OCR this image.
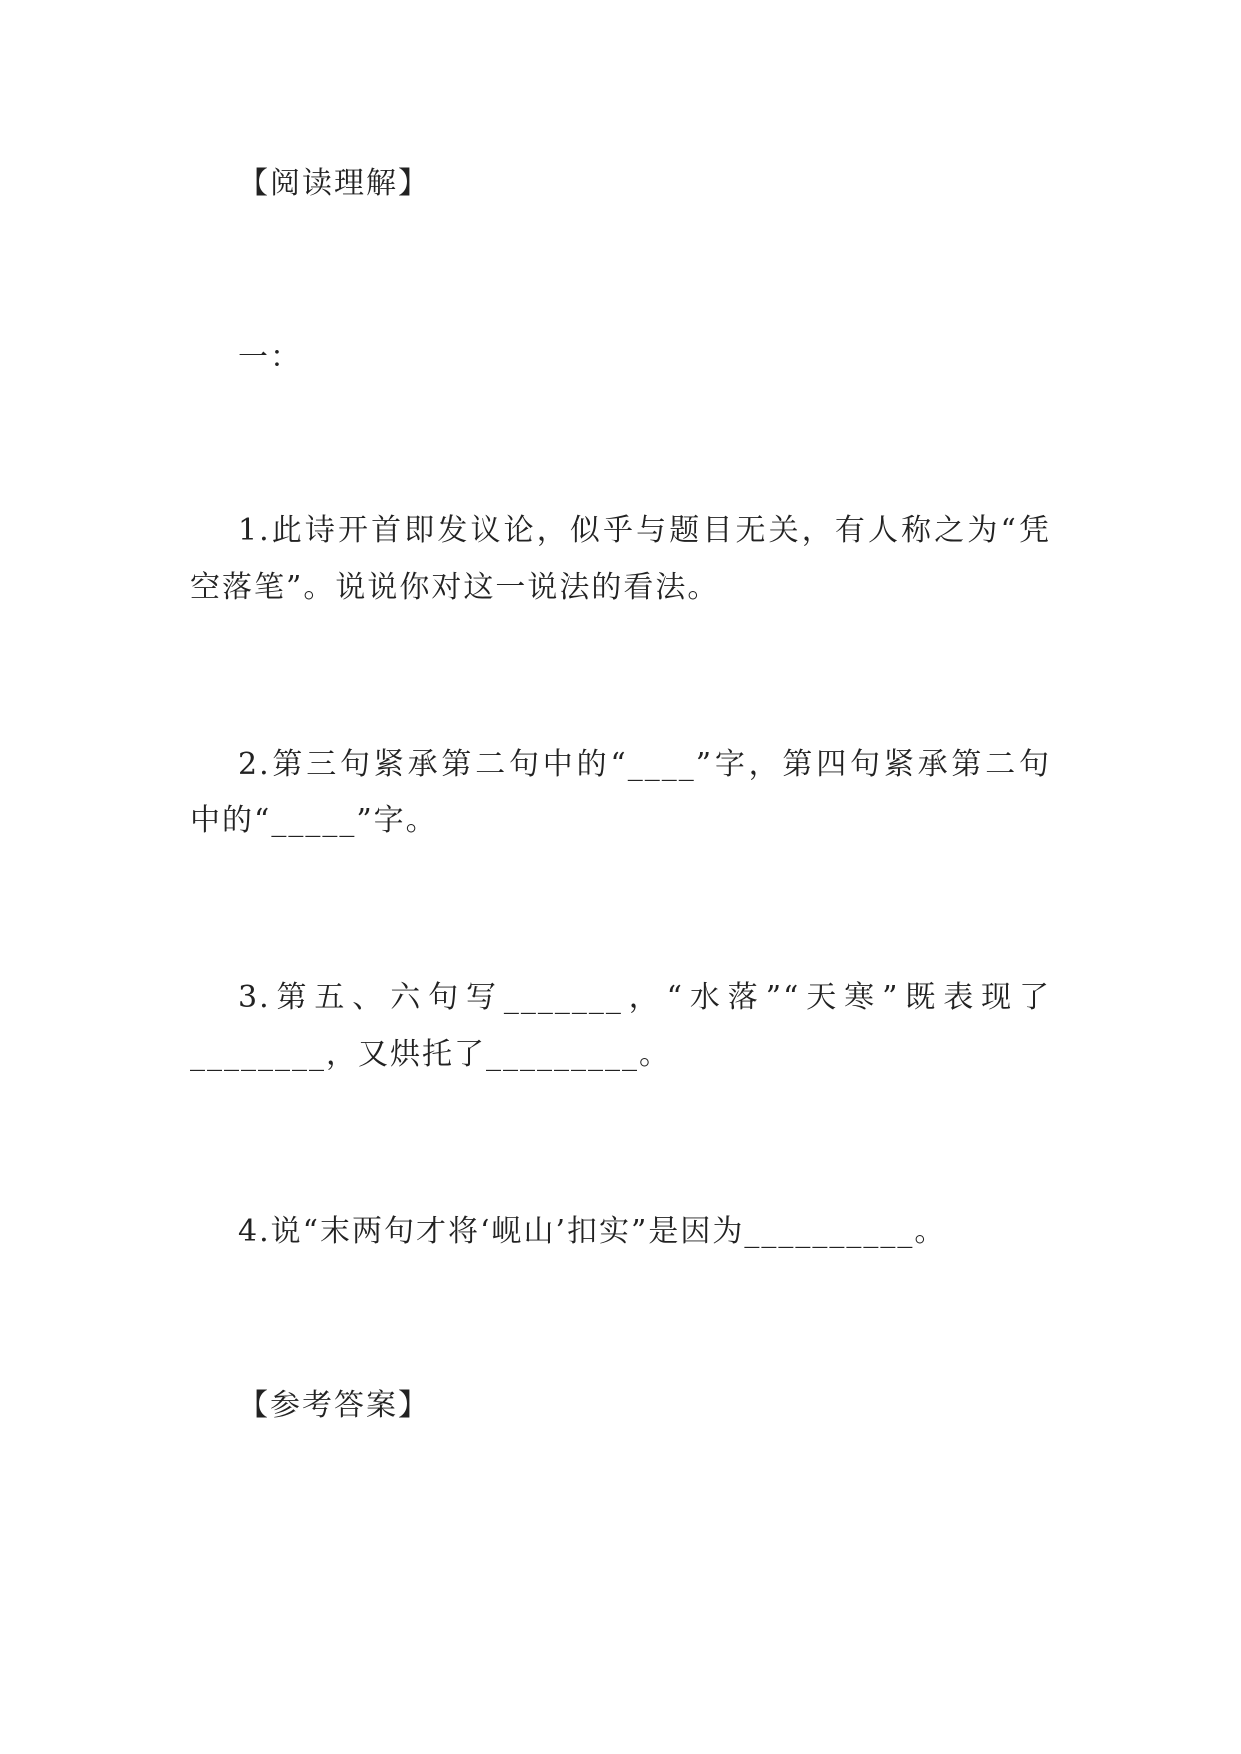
【阅读理解】
一：
1.此诗开首即发议论，似乎与题目无关，有人称之为“凭
空落笔”。说说你对这一说法的看法。
2.第三句紧承第二句中的“____”字，第四句紧承第二句
中的“_____”字。
3.第五、六句写_______，“水落”“天寒”既表现了
________，又烘托了_________。
4.说“末两句才将‘岘山’扣实”是因为__________。
【参考答案】
